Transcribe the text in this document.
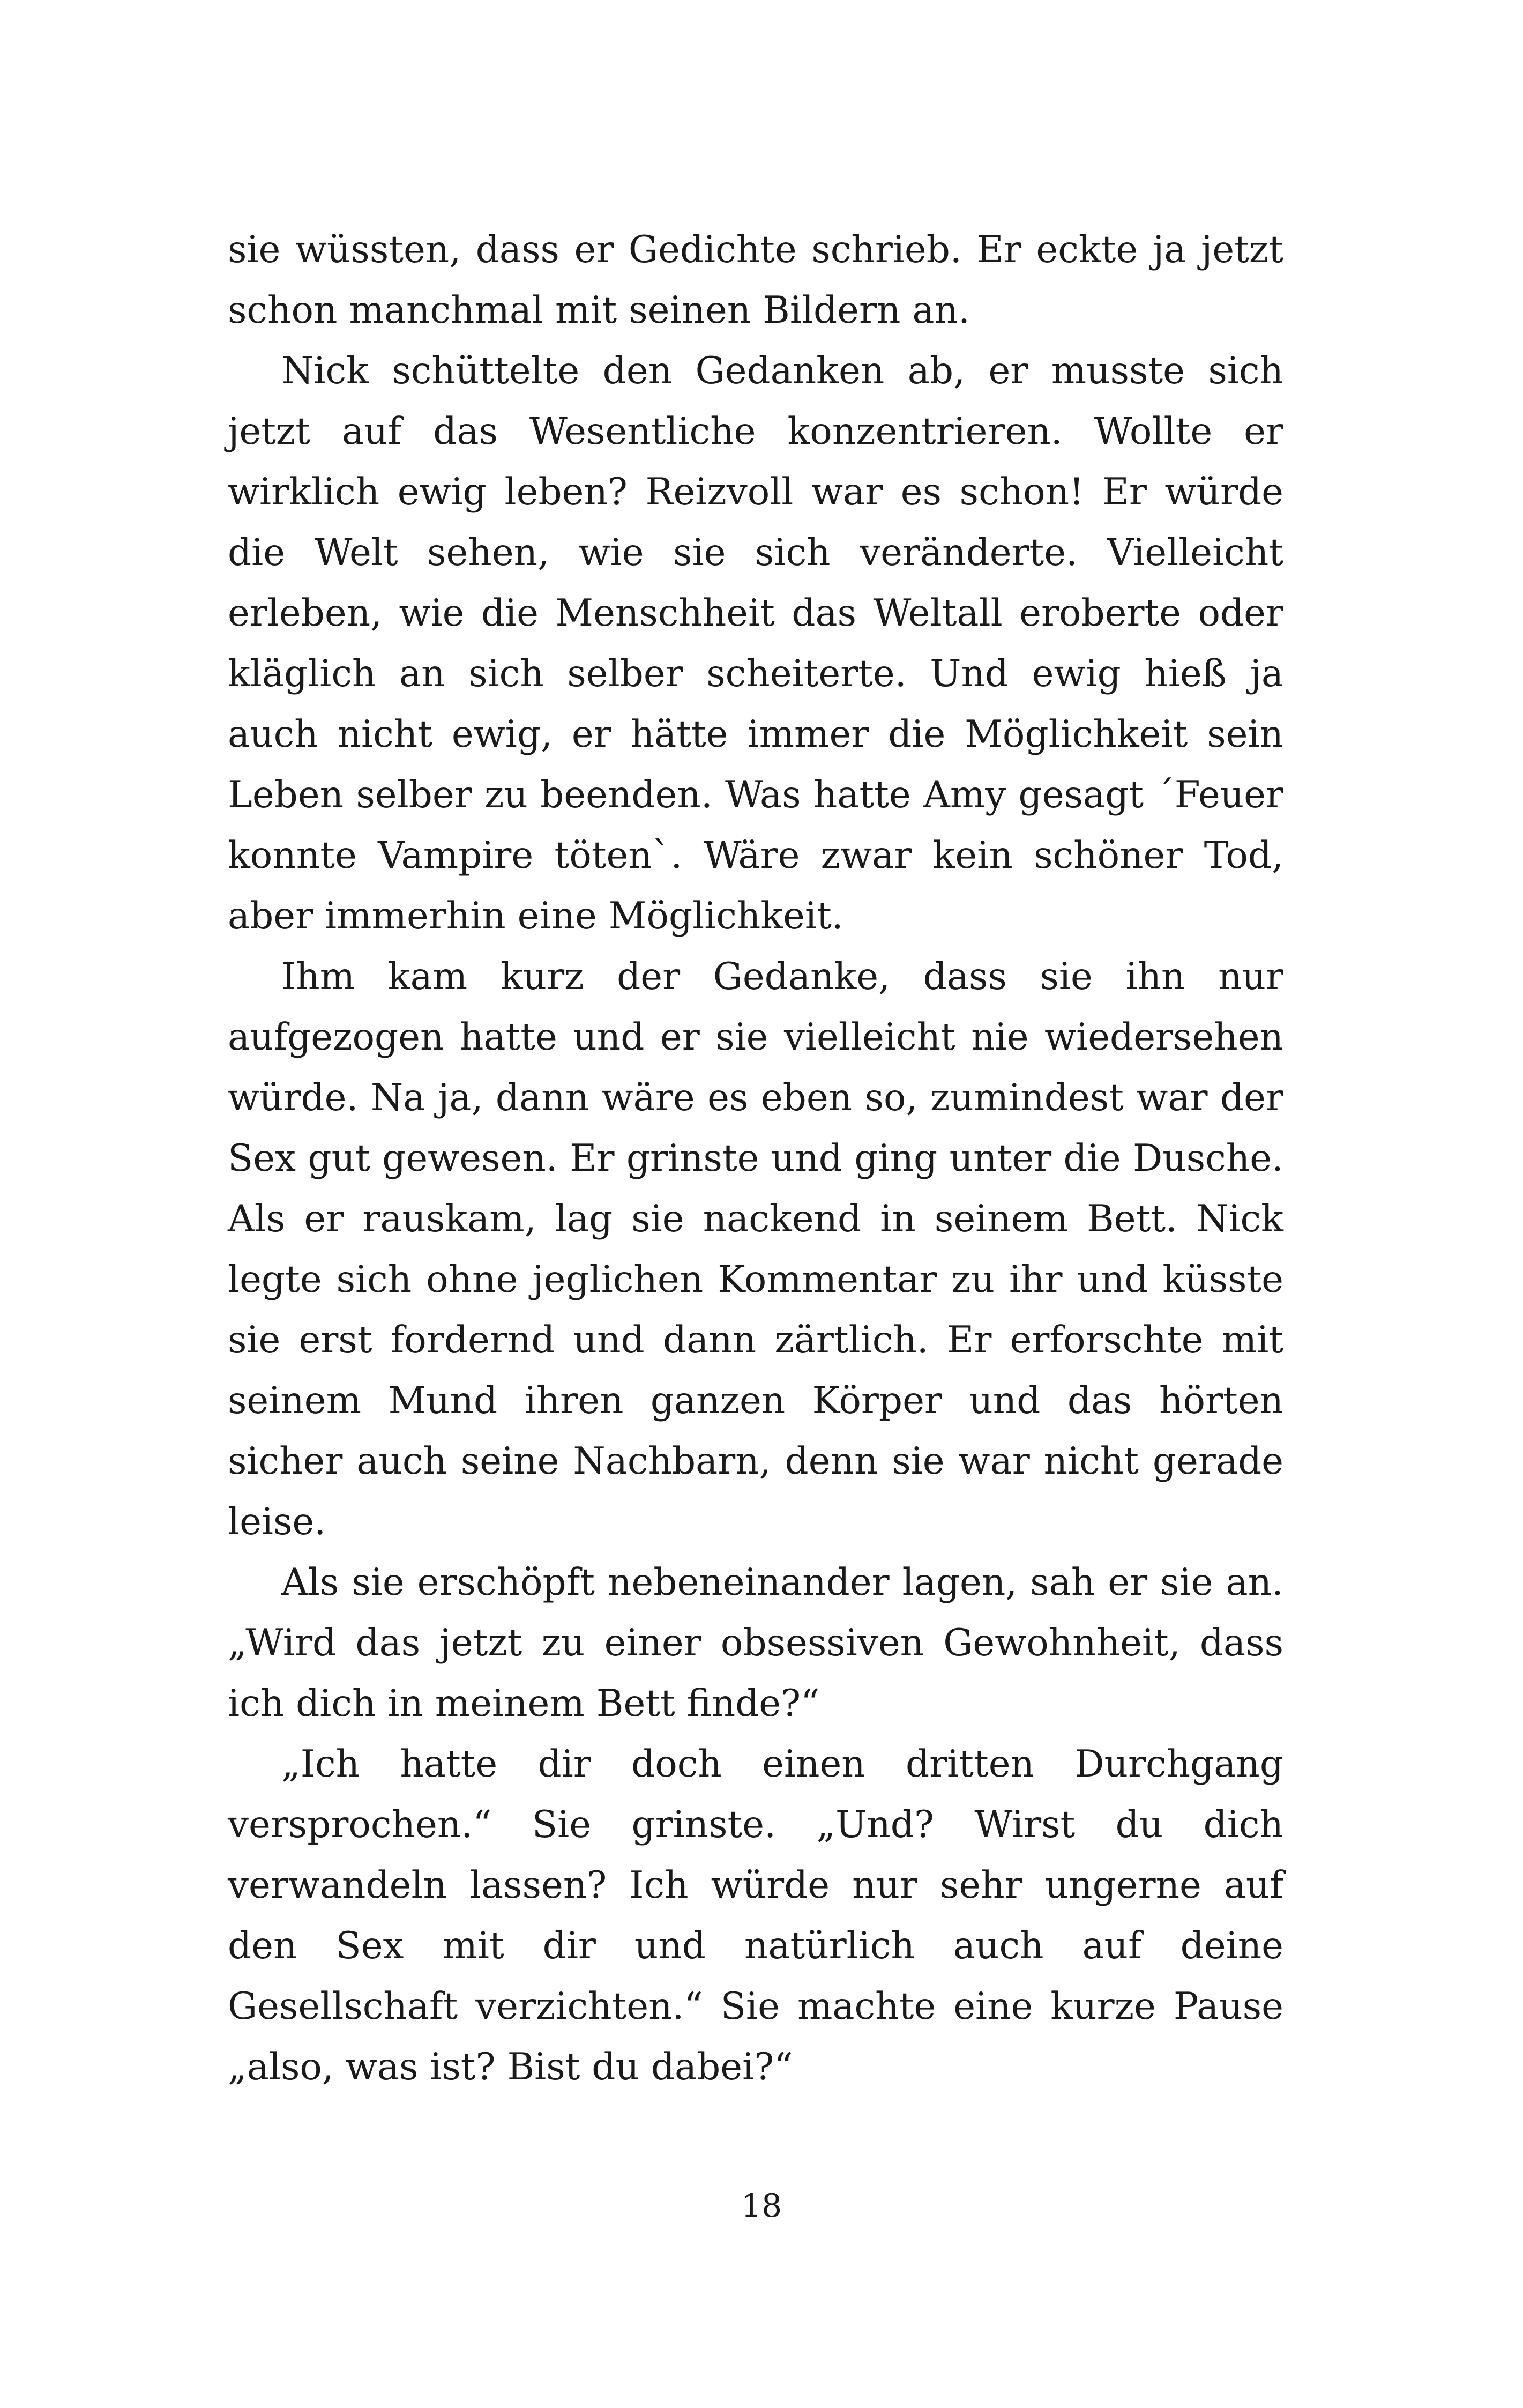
sie wüssten, dass er Gedichte schrieb. Er eckte ja jetzt schon manchmal mit seinen Bildern an.

Nick schüttelte den Gedanken ab, er musste sich jetzt auf das Wesentliche konzentrieren. Wollte er wirklich ewig leben? Reizvoll war es schon! Er würde die Welt sehen, wie sie sich veränderte. Vielleicht erleben, wie die Menschheit das Weltall eroberte oder kläglich an sich selber scheiterte. Und ewig hieß ja auch nicht ewig, er hätte immer die Möglichkeit sein Leben selber zu beenden. Was hatte Amy gesagt ´Feuer konnte Vampire töten`. Wäre zwar kein schöner Tod, aber immerhin eine Möglichkeit.

Ihm kam kurz der Gedanke, dass sie ihn nur aufgezogen hatte und er sie vielleicht nie wiedersehen würde. Na ja, dann wäre es eben so, zumindest war der Sex gut gewesen. Er grinste und ging unter die Dusche. Als er rauskam, lag sie nackend in seinem Bett. Nick legte sich ohne jeglichen Kommentar zu ihr und küsste sie erst fordernd und dann zärtlich. Er erforschte mit seinem Mund ihren ganzen Körper und das hörten sicher auch seine Nachbarn, denn sie war nicht gerade leise.

Als sie erschöpft nebeneinander lagen, sah er sie an. „Wird das jetzt zu einer obsessiven Gewohnheit, dass ich dich in meinem Bett finde?“

„Ich hatte dir doch einen dritten Durchgang versprochen.“ Sie grinste. „Und? Wirst du dich verwandeln lassen? Ich würde nur sehr ungerne auf den Sex mit dir und natürlich auch auf deine Gesellschaft verzichten.“ Sie machte eine kurze Pause „also, was ist? Bist du dabei?“

18
